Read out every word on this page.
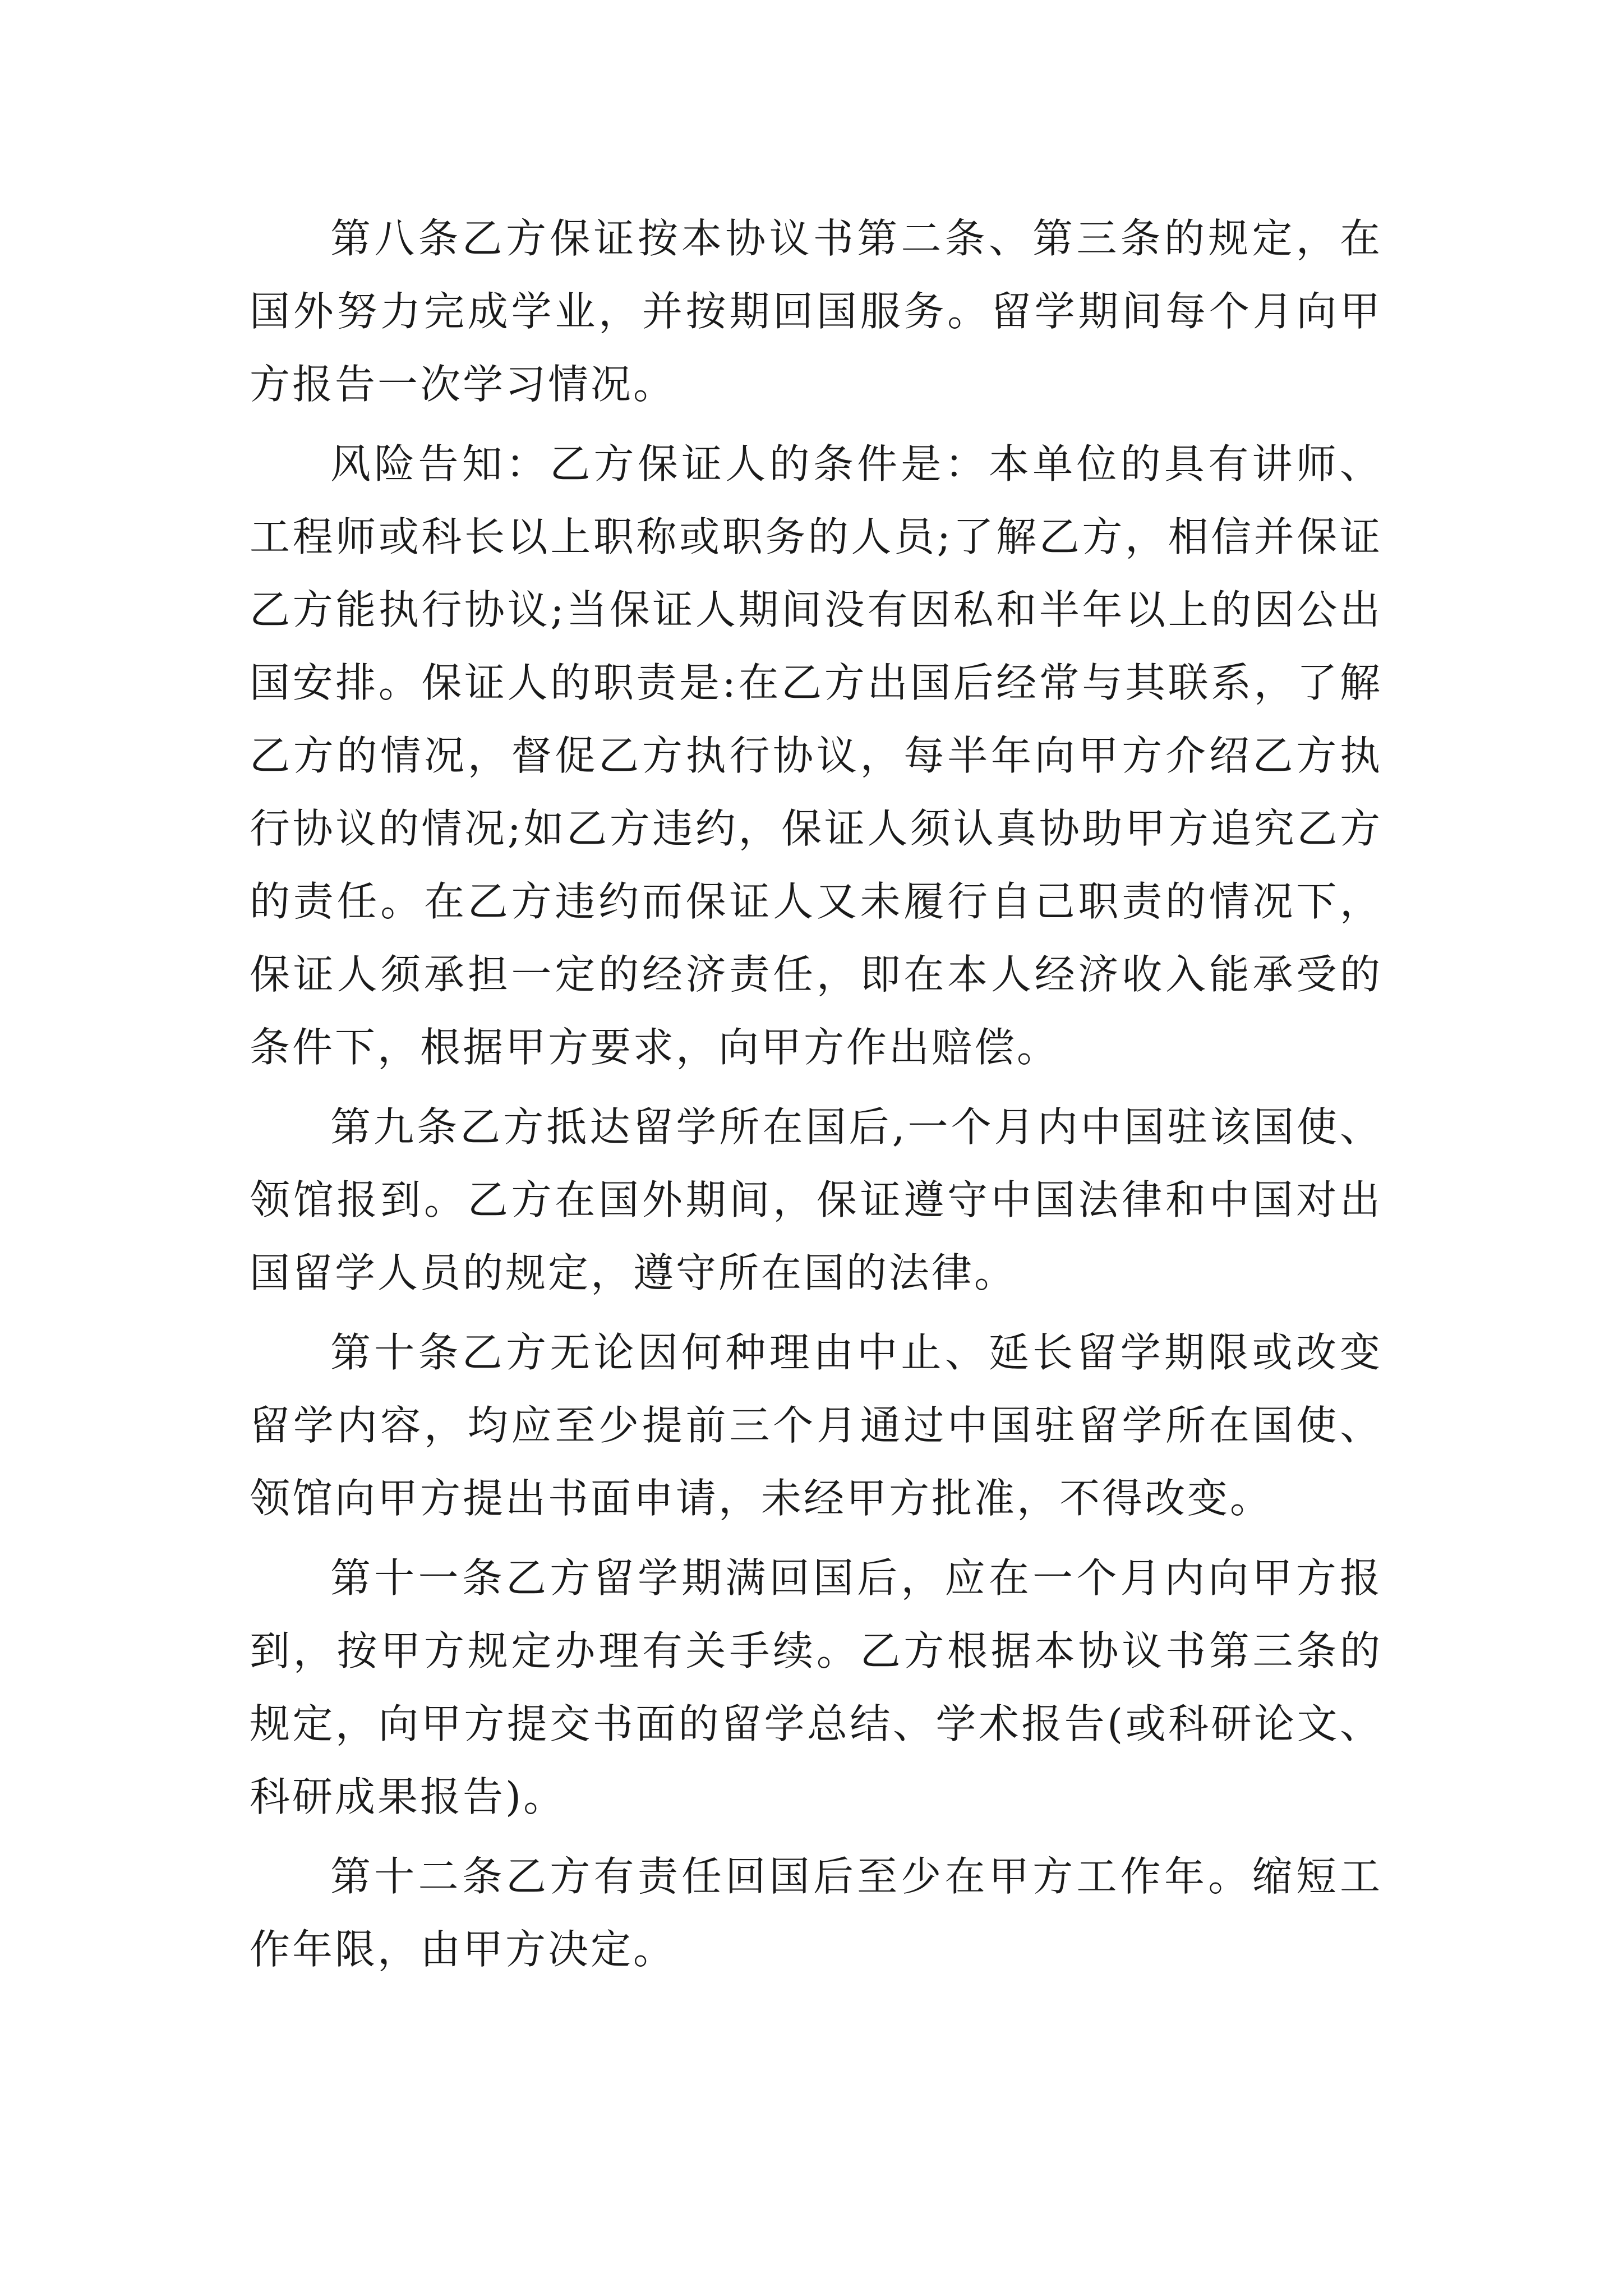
第八条乙方保证按本协议书第二条、第三条的规定，在国外努力完成学业，并按期回国服务。留学期间每个月向甲方报告一次学习情况。

风险告知：乙方保证人的条件是：本单位的具有讲师、工程师或科长以上职称或职务的人员;了解乙方，相信并保证乙方能执行协议;当保证人期间没有因私和半年以上的因公出国安排。保证人的职责是:在乙方出国后经常与其联系，了解乙方的情况，督促乙方执行协议，每半年向甲方介绍乙方执行协议的情况;如乙方违约，保证人须认真协助甲方追究乙方的责任。在乙方违约而保证人又未履行自己职责的情况下，保证人须承担一定的经济责任，即在本人经济收入能承受的条件下，根据甲方要求，向甲方作出赔偿。

第九条乙方抵达留学所在国后,一个月内中国驻该国使、领馆报到。乙方在国外期间，保证遵守中国法律和中国对出国留学人员的规定，遵守所在国的法律。

第十条乙方无论因何种理由中止、延长留学期限或改变留学内容，均应至少提前三个月通过中国驻留学所在国使、领馆向甲方提出书面申请，未经甲方批准，不得改变。

第十一条乙方留学期满回国后，应在一个月内向甲方报到，按甲方规定办理有关手续。乙方根据本协议书第三条的规定，向甲方提交书面的留学总结、学术报告(或科研论文、科研成果报告)。

第十二条乙方有责任回国后至少在甲方工作年。缩短工作年限，由甲方决定。
